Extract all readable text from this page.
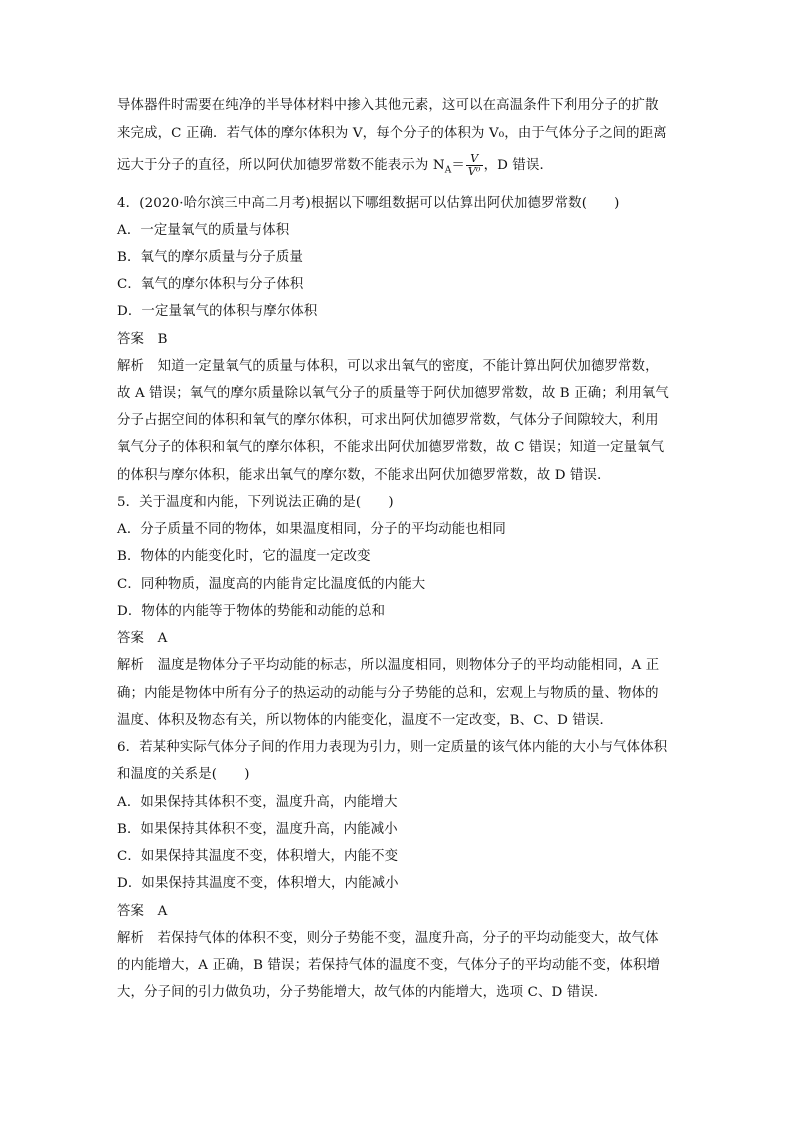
导体器件时需要在纯净的半导体材料中掺入其他元素，这可以在高温条件下利用分子的扩散
来完成，C 正确．若气体的摩尔体积为 V，每个分子的体积为 V₀，由于气体分子之间的距离
远大于分子的直径，所以阿伏加德罗常数不能表示为 $N_A= \frac{V}{\text{V⁰}}$ ，D 错误．
4．(2020·哈尔滨三中高二月考)根据以下哪组数据可以估算出阿伏加德罗常数(　　)
A．一定量氧气的质量与体积
B．氧气的摩尔质量与分子质量
C．氧气的摩尔体积与分子体积
D．一定量氧气的体积与摩尔体积
答案　B
解析　知道一定量氧气的质量与体积，可以求出氧气的密度，不能计算出阿伏加德罗常数，
故 A 错误；氧气的摩尔质量除以氧气分子的质量等于阿伏加德罗常数，故 B 正确；利用氧气
分子占据空间的体积和氧气的摩尔体积，可求出阿伏加德罗常数，气体分子间隙较大，利用
氧气分子的体积和氧气的摩尔体积，不能求出阿伏加德罗常数，故 C 错误；知道一定量氧气
的体积与摩尔体积，能求出氧气的摩尔数，不能求出阿伏加德罗常数，故 D 错误．
5．关于温度和内能，下列说法正确的是(　　)
A．分子质量不同的物体，如果温度相同，分子的平均动能也相同
B．物体的内能变化时，它的温度一定改变
C．同种物质，温度高的内能肯定比温度低的内能大
D．物体的内能等于物体的势能和动能的总和
答案　A
解析　温度是物体分子平均动能的标志，所以温度相同，则物体分子的平均动能相同，A 正
确；内能是物体中所有分子的热运动的动能与分子势能的总和，宏观上与物质的量、物体的
温度、体积及物态有关，所以物体的内能变化，温度不一定改变，B、C、D 错误．
6．若某种实际气体分子间的作用力表现为引力，则一定质量的该气体内能的大小与气体体积
和温度的关系是(　　)
A．如果保持其体积不变，温度升高，内能增大
B．如果保持其体积不变，温度升高，内能减小
C．如果保持其温度不变，体积增大，内能不变
D．如果保持其温度不变，体积增大，内能减小
答案　A
解析　若保持气体的体积不变，则分子势能不变，温度升高，分子的平均动能变大，故气体
的内能增大，A 正确，B 错误；若保持气体的温度不变，气体分子的平均动能不变，体积增
大，分子间的引力做负功，分子势能增大，故气体的内能增大，选项 C、D 错误．
